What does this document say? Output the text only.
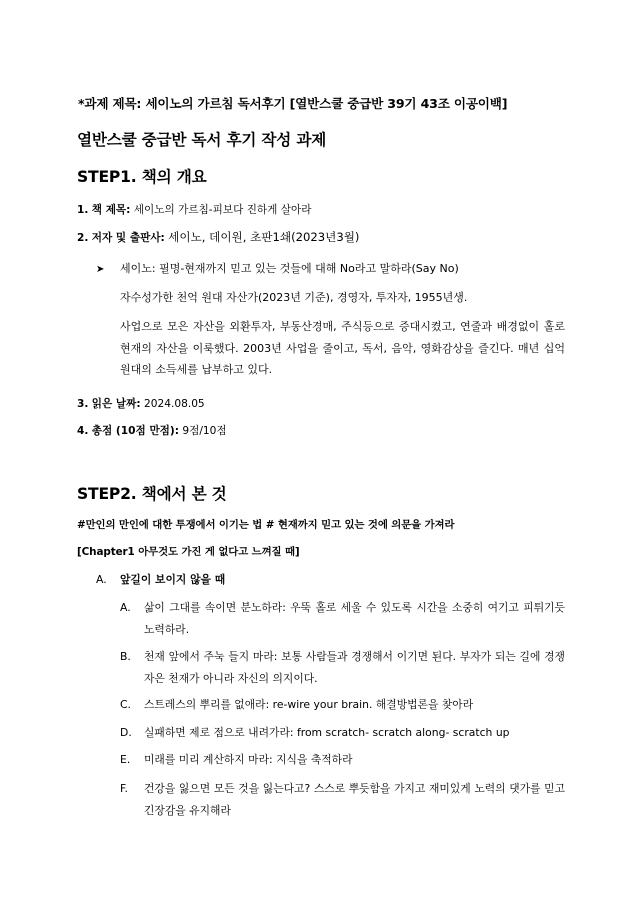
*과제 제목: 세이노의 가르침 독서후기 [열반스쿨 중급반 39기 43조 이공이백]
열반스쿨 중급반 독서 후기 작성 과제
STEP1. 책의 개요
1. 책 제목: 세이노의 가르침-피보다 진하게 살아라
2. 저자 및 출판사: 세이노, 데이원, 초판1쇄(2023년3월)
➤ 세이노: 필명-현재까지 믿고 있는 것들에 대해 No라고 말하라(Say No)
자수성가한 천억 원대 자산가(2023년 기준), 경영자, 투자자, 1955년생.
사업으로 모은 자산을 외환투자, 부동산경매, 주식등으로 증대시켰고, 연줄과 배경없이 홀로 현재의 자산을 이룩했다. 2003년 사업을 줄이고, 독서, 음악, 영화감상을 즐긴다. 매년 십억원대의 소득세를 납부하고 있다.
3. 읽은 날짜: 2024.08.05
4. 총점 (10점 만점): 9점/10점
STEP2. 책에서 본 것
#만인의 만인에 대한 투쟁에서 이기는 법 # 현재까지 믿고 있는 것에 의문을 가져라
[Chapter1 아무것도 가진 게 없다고 느껴질 때]
A. 앞길이 보이지 않을 때
A. 삶이 그대를 속이면 분노하라: 우뚝 홀로 세울 수 있도록 시간을 소중히 여기고 피튀기듯 노력하라.
B. 천재 앞에서 주눅 들지 마라: 보통 사람들과 경쟁해서 이기면 된다. 부자가 되는 길에 경쟁자은 천재가 아니라 자신의 의지이다.
C. 스트레스의 뿌리를 없애라: re-wire your brain. 해결방법론을 찾아라
D. 실패하면 제로 점으로 내려가라: from scratch- scratch along- scratch up
E. 미래를 미리 계산하지 마라: 지식을 축적하라
F. 건강을 잃으면 모든 것을 잃는다고? 스스로 뿌듯함을 가지고 재미있게 노력의 댓가를 믿고 긴장감을 유지해라
